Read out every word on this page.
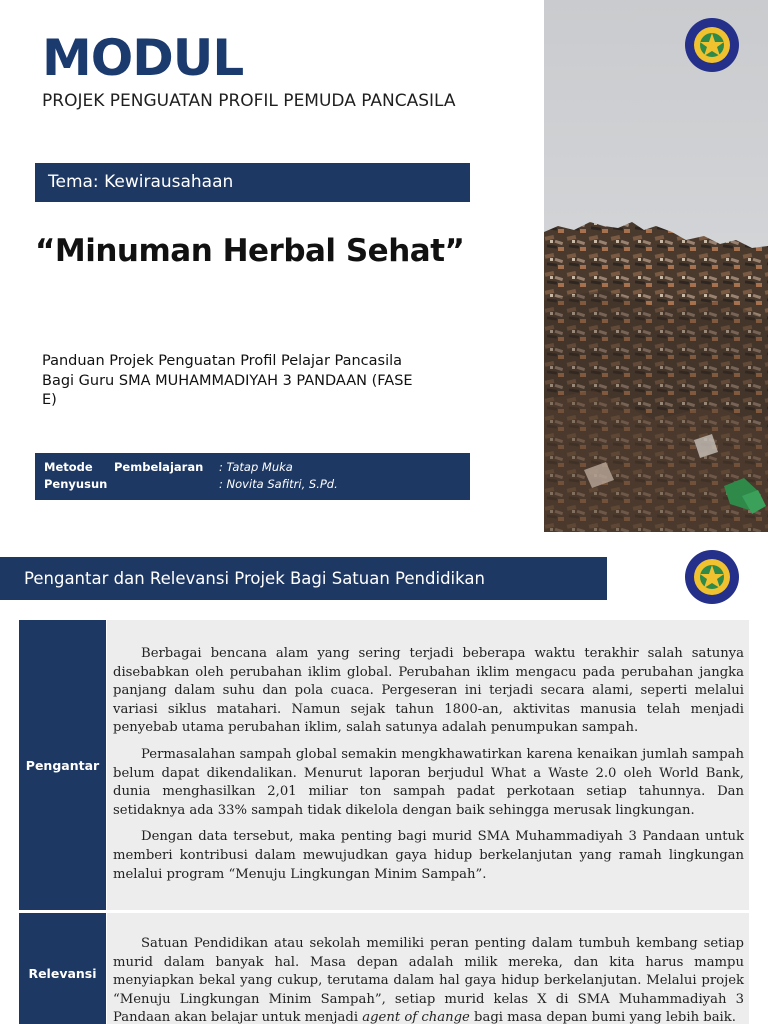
MODUL
PROJEK PENGUATAN PROFIL PEMUDA PANCASILA
Tema: Kewirausahaan
“Minuman Herbal Sehat”
Panduan Projek Penguatan Profil Pelajar Pancasila Bagi Guru SMA MUHAMMADIYAH 3 PANDAAN (FASE E)
Metode Pembelajaran : Tatap Muka
Penyusun	: Novita Safitri, S.Pd.
Pengantar dan Relevansi Projek Bagi Satuan Pendidikan
Pengantar

Berbagai bencana alam yang sering terjadi beberapa waktu terakhir salah satunya disebabkan oleh perubahan iklim global. Perubahan iklim mengacu pada perubahan jangka panjang dalam suhu dan pola cuaca. Pergeseran ini terjadi secara alami, seperti melalui variasi siklus matahari. Namun sejak tahun 1800-an, aktivitas manusia telah menjadi penyebab utama perubahan iklim, salah satunya adalah penumpukan sampah.

Permasalahan sampah global semakin mengkhawatirkan karena kenaikan jumlah sampah belum dapat dikendalikan. Menurut laporan berjudul What a Waste 2.0 oleh World Bank, dunia menghasilkan 2,01 miliar ton sampah padat perkotaan setiap tahunnya. Dan setidaknya ada 33% sampah tidak dikelola dengan baik sehingga merusak lingkungan.

Dengan data tersebut, maka penting bagi murid SMA Muhammadiyah 3 Pandaan untuk memberi kontribusi dalam mewujudkan gaya hidup berkelanjutan yang ramah lingkungan melalui program “Menuju Lingkungan Minim Sampah”.

Relevansi

Satuan Pendidikan atau sekolah memiliki peran penting dalam tumbuh kembang setiap murid dalam banyak hal. Masa depan adalah milik mereka, dan kita harus mampu menyiapkan bekal yang cukup, terutama dalam hal gaya hidup berkelanjutan. Melalui projek “Menuju Lingkungan Minim Sampah”, setiap murid kelas X di SMA Muhammadiyah 3 Pandaan akan belajar untuk menjadi agent of change bagi masa depan bumi yang lebih baik.
